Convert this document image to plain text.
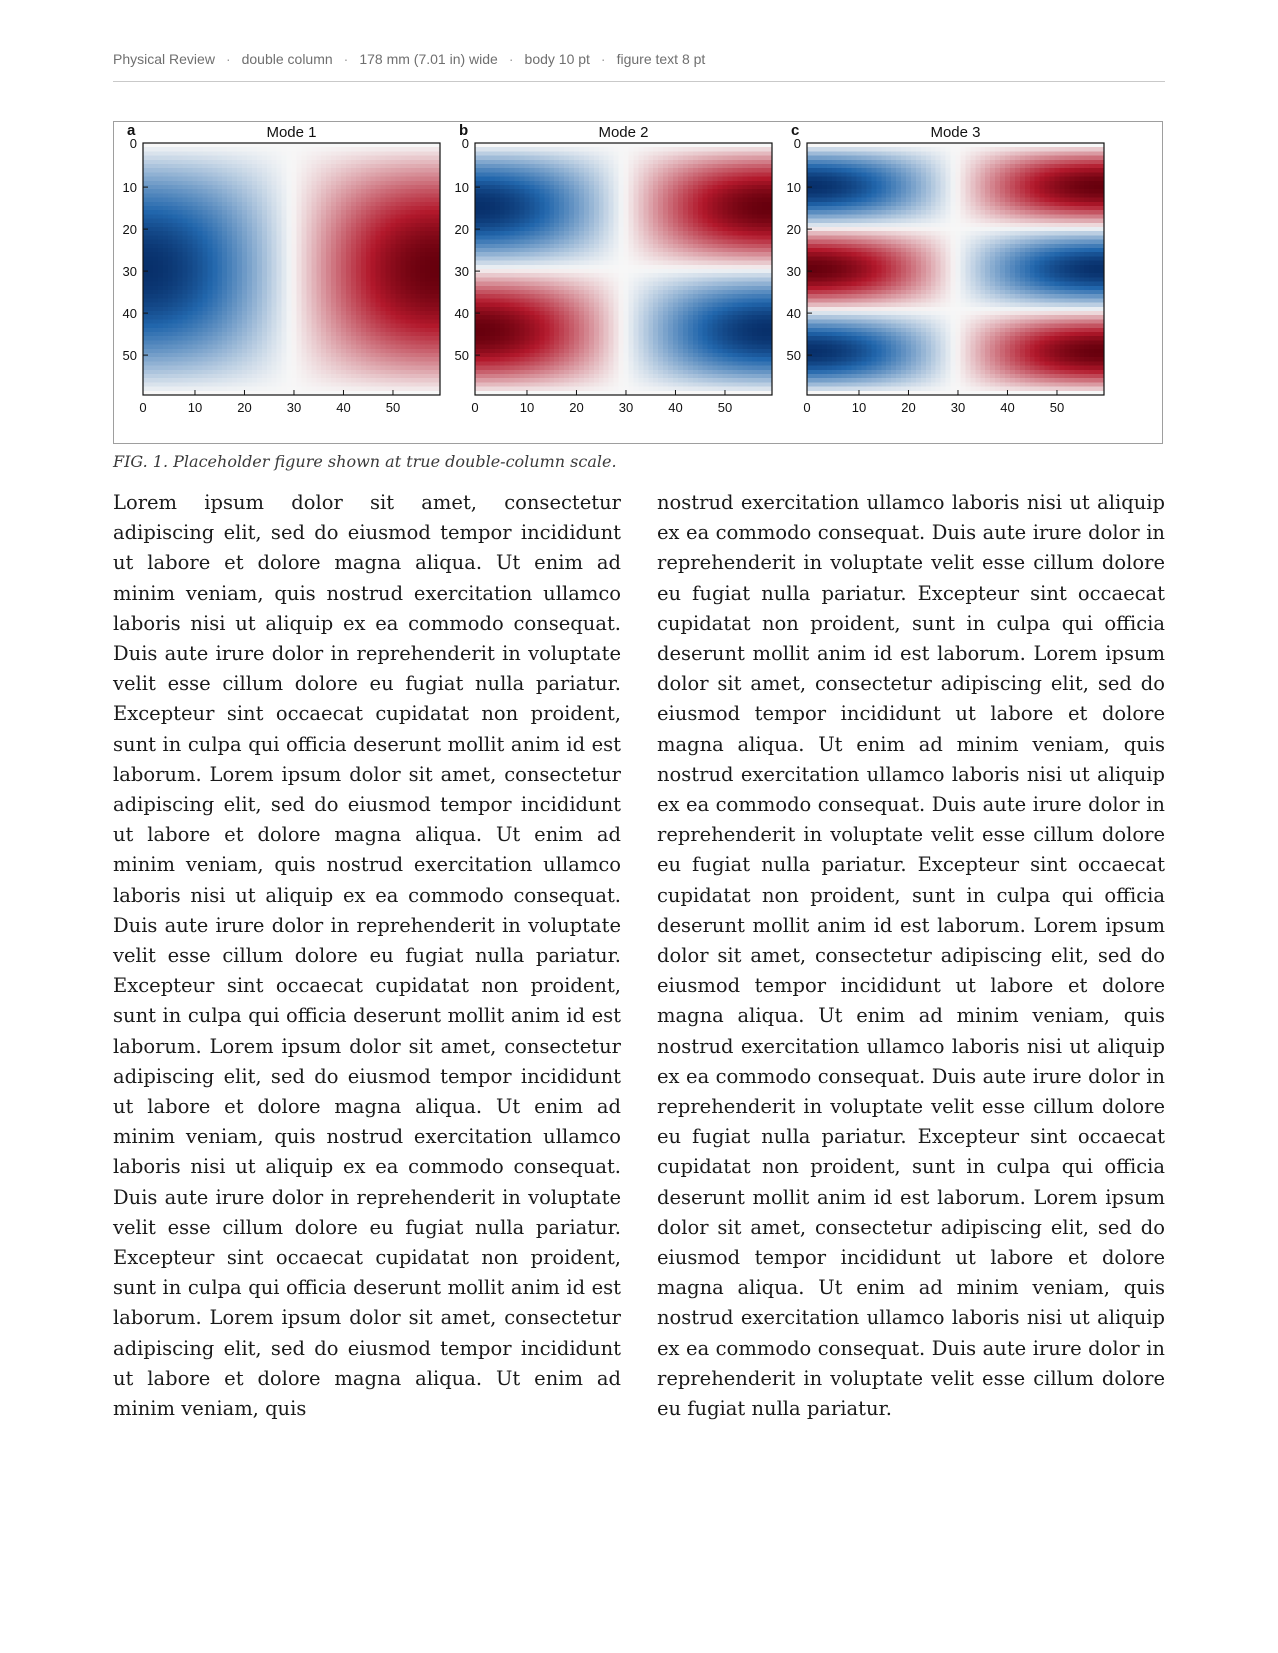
Physical Review · double column · 178 mm (7.01 in) wide · body 10 pt · figure text 8 pt
a	Mode 1
0
10
20
30
40
50
0	10	20	30	40	50
b	Mode 2
0
10
20
30
40
50
0	10	20	30	40	50
c	Mode 3
0
10
20
30
40
50
0	10	20	30	40	50
FIG. 1. Placeholder figure shown at true double-column scale.
Lorem ipsum dolor sit amet, consectetur adipiscing elit, sed do eiusmod tempor incididunt ut labore et dolore magna aliqua. Ut enim ad minim veniam, quis nostrud exercitation ullamco laboris nisi ut aliquip ex ea commodo consequat. Duis aute irure dolor in reprehenderit in voluptate velit esse cillum dolore eu fugiat nulla pariatur. Excepteur sint occaecat cupidatat non proident, sunt in culpa qui officia deserunt mollit anim id est laborum. Lorem ipsum dolor sit amet, consectetur adipiscing elit, sed do eiusmod tempor incididunt ut labore et dolore magna aliqua. Ut enim ad minim veniam, quis nostrud exercitation ullamco laboris nisi ut aliquip ex ea commodo consequat. Duis aute irure dolor in reprehenderit in voluptate velit esse cillum dolore eu fugiat nulla pariatur. Excepteur sint occaecat cupidatat non proident, sunt in culpa qui officia deserunt mollit anim id est laborum. Lorem ipsum dolor sit amet, consectetur adipiscing elit, sed do eiusmod tempor incididunt ut labore et dolore magna aliqua. Ut enim ad minim veniam, quis nostrud exercitation ullamco laboris nisi ut aliquip ex ea commodo consequat. Duis aute irure dolor in reprehenderit in voluptate velit esse cillum dolore eu fugiat nulla pariatur. Excepteur sint occaecat cupidatat non proident, sunt in culpa qui officia deserunt mollit anim id est laborum. Lorem ipsum dolor sit amet, consectetur adipiscing elit, sed do eiusmod tempor incididunt ut labore et dolore magna aliqua. Ut enim ad minim veniam, quis
nostrud exercitation ullamco laboris nisi ut aliquip ex ea commodo consequat. Duis aute irure dolor in reprehenderit in voluptate velit esse cillum dolore eu fugiat nulla pariatur. Excepteur sint occaecat cupidatat non proident, sunt in culpa qui officia deserunt mollit anim id est laborum. Lorem ipsum dolor sit amet, consectetur adipiscing elit, sed do eiusmod tempor incididunt ut labore et dolore magna aliqua. Ut enim ad minim veniam, quis nostrud exercitation ullamco laboris nisi ut aliquip ex ea commodo consequat. Duis aute irure dolor in reprehenderit in voluptate velit esse cillum dolore eu fugiat nulla pariatur. Excepteur sint occaecat cupidatat non proident, sunt in culpa qui officia deserunt mollit anim id est laborum. Lorem ipsum dolor sit amet, consectetur adipiscing elit, sed do eiusmod tempor incididunt ut labore et dolore magna aliqua. Ut enim ad minim veniam, quis nostrud exercitation ullamco laboris nisi ut aliquip ex ea commodo consequat. Duis aute irure dolor in reprehenderit in voluptate velit esse cillum dolore eu fugiat nulla pariatur. Excepteur sint occaecat cupidatat non proident, sunt in culpa qui officia deserunt mollit anim id est laborum. Lorem ipsum dolor sit amet, consectetur adipiscing elit, sed do eiusmod tempor incididunt ut labore et dolore magna aliqua. Ut enim ad minim veniam, quis nostrud exercitation ullamco laboris nisi ut aliquip ex ea commodo consequat. Duis aute irure dolor in reprehenderit in voluptate velit esse cillum dolore eu fugiat nulla pariatur.
